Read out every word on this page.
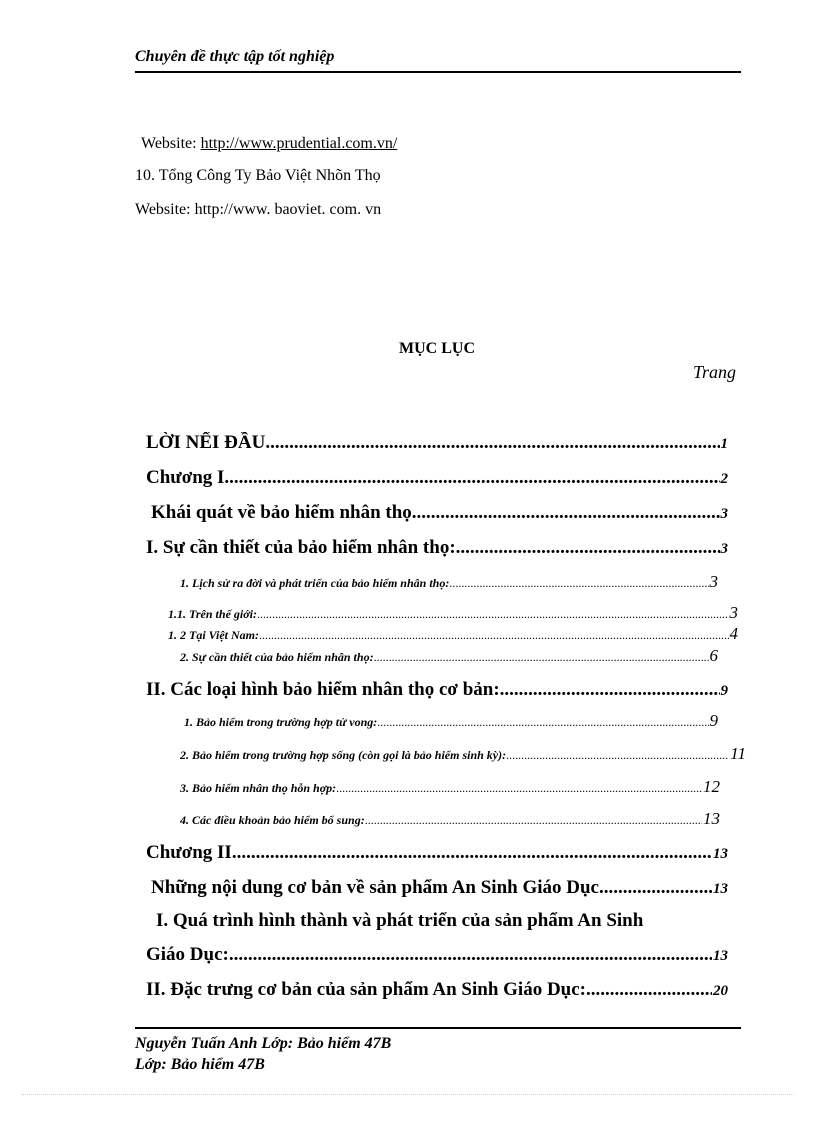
Chuyên đề thực tập tốt nghiệp
Website: http://www.prudential.com.vn/
10. Tổng Công Ty Bảo Việt Nhõn Thọ
Website: http://www. baoviet. com. vn
MỤC LỤC
Trang
LỜI NỂI ĐẦU .....	1
Chương I .....	2
Khái quát về bảo hiểm nhân thọ .....	3
I. Sự cần thiết của bảo hiểm nhân thọ: .....	3
1. Lịch sử ra đời và phát triển của bảo hiểm nhân thọ: .....	3
1.1. Trên thế giới: .....	3
1. 2 Tại Việt Nam: .....	4
2. Sự cần thiết của bảo hiểm nhân thọ: .....	6
II. Các loại hình bảo hiểm nhân thọ cơ bản: .....	9
1. Bảo hiểm trong trường hợp tử vong: .....	9
2. Bảo hiểm trong trường hợp sống (còn gọi là bảo hiểm sinh kỳ): .....	11
3. Bảo hiểm nhân thọ hỗn hợp: .....	12
4. Các điều khoản bảo hiểm bổ sung: .....	13
Chương II .....	13
Những nội dung cơ bản về sản phẩm An Sinh Giáo Dục .....	13
I. Quá trình hình thành và phát triển của sản phẩm An Sinh
Giáo Dục: .....	13
II. Đặc trưng cơ bản của sản phẩm An Sinh Giáo Dục: .....	20
Nguyễn Tuấn Anh Lớp: Bảo hiểm 47B
Lớp: Bảo hiểm 47B
